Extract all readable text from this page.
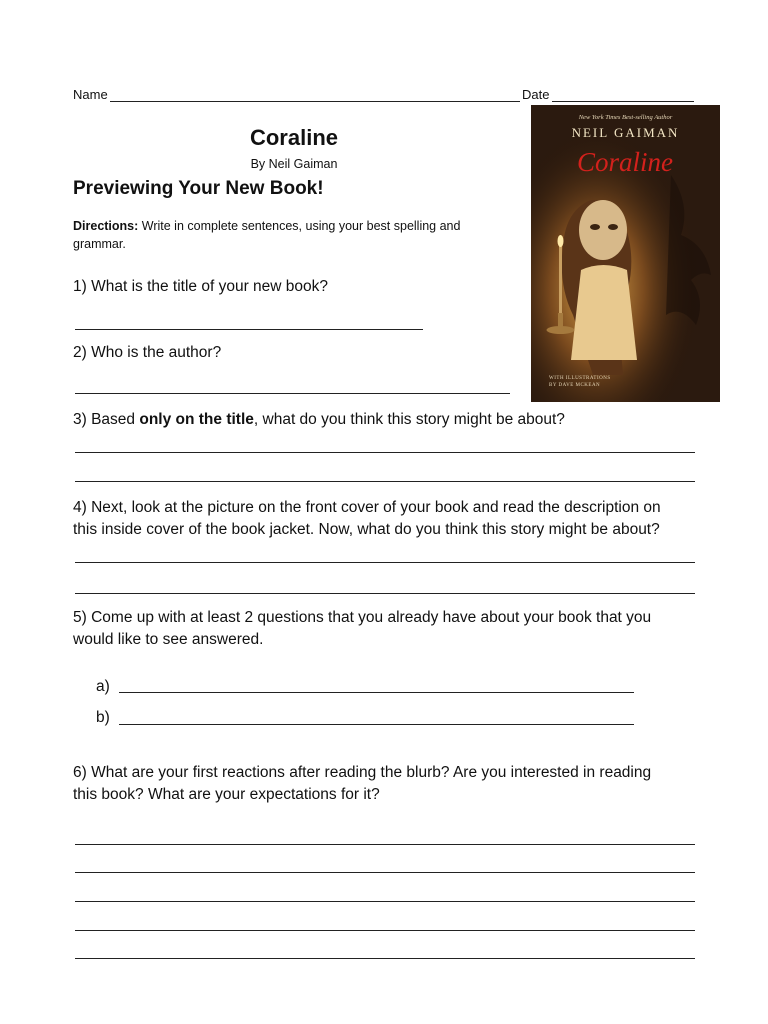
Name	Date
Coraline
By Neil Gaiman
Previewing Your New Book!
Directions: Write in complete sentences, using your best spelling and grammar.
New York Times Best-selling Author
NEIL GAIMAN
Coraline
WITH ILLUSTRATIONS
BY DAVE MCKEAN
1) What is the title of your new book?
2) Who is the author?
3) Based only on the title, what do you think this story might be about?
4) Next, look at the picture on the front cover of your book and read the description on
this inside cover of the book jacket. Now, what do you think this story might be about?
5) Come up with at least 2 questions that you already have about your book that you
would like to see answered.
a)
b)
6) What are your first reactions after reading the blurb? Are you interested in reading
this book? What are your expectations for it?
